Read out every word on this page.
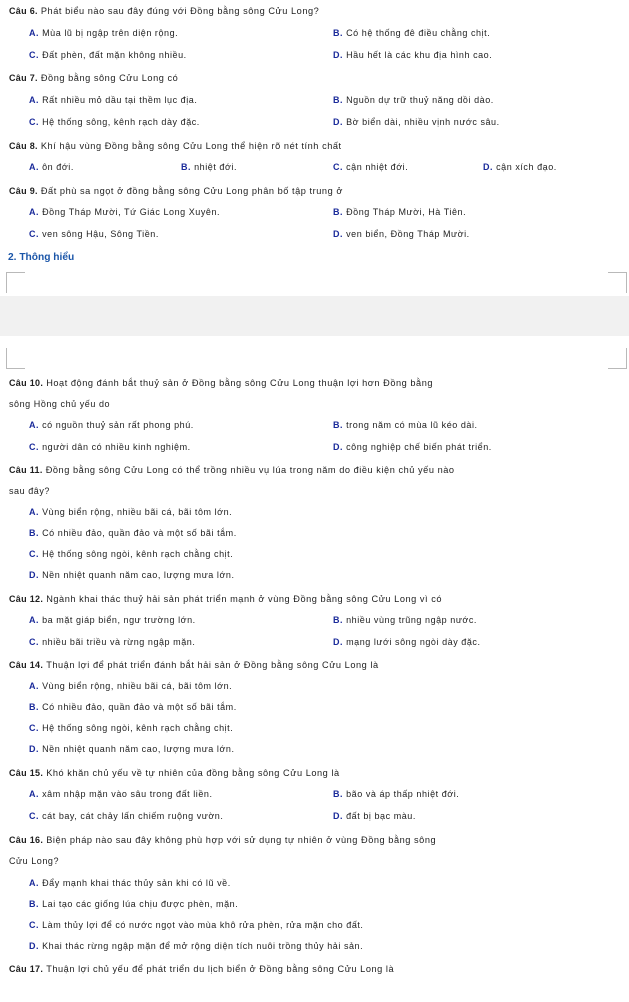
Câu 6. Phát biểu nào sau đây đúng với Đồng bằng sông Cửu Long?
A. Mùa lũ bị ngập trên diện rộng.	B. Có hệ thống đê điều chằng chịt.
C. Đất phèn, đất mặn không nhiều.	D. Hầu hết là các khu địa hình cao.
Câu 7. Đồng bằng sông Cửu Long có
A. Rất nhiều mỏ dầu tại thềm lục địa.	B. Nguồn dự trữ thuỷ năng dồi dào.
C. Hệ thống sông, kênh rạch dày đặc.	D. Bờ biển dài, nhiều vịnh nước sâu.
Câu 8. Khí hậu vùng Đồng bằng sông Cửu Long thể hiện rõ nét tính chất
A. ôn đới.	B. nhiệt đới.	C. cận nhiệt đới.	D. cận xích đạo.
Câu 9. Đất phù sa ngọt ở đồng bằng sông Cửu Long phân bố tập trung ở
A. Đồng Tháp Mười, Tứ Giác Long Xuyên.	B. Đồng Tháp Mười, Hà Tiên.
C. ven sông Hậu, Sông Tiền.	D. ven biển, Đồng Tháp Mười.
2. Thông hiểu
Câu 10. Hoạt động đánh bắt thuỷ sản ở Đồng bằng sông Cửu Long thuận lợi hơn Đồng bằng
sông Hồng chủ yếu do
A. có nguồn thuỷ sản rất phong phú.	B. trong năm có mùa lũ kéo dài.
C. người dân có nhiều kinh nghiệm.	D. công nghiệp chế biến phát triển.
Câu 11. Đồng bằng sông Cửu Long có thể trồng nhiều vụ lúa trong năm do điều kiện chủ yếu nào
sau đây?
A. Vùng biển rộng, nhiều bãi cá, bãi tôm lớn.
B. Có nhiều đảo, quần đảo và một số bãi tắm.
C. Hệ thống sông ngòi, kênh rạch chằng chịt.
D. Nền nhiệt quanh năm cao, lượng mưa lớn.
Câu 12. Ngành khai thác thuỷ hải sản phát triển mạnh ở vùng Đồng bằng sông Cửu Long vì có
A. ba mặt giáp biển, ngư trường lớn.	B. nhiều vùng trũng ngập nước.
C. nhiều bãi triều và rừng ngập mặn.	D. mạng lưới sông ngòi dày đặc.
Câu 14. Thuận lợi để phát triển đánh bắt hải sản ở Đồng bằng sông Cửu Long là
A. Vùng biển rộng, nhiều bãi cá, bãi tôm lớn.
B. Có nhiều đảo, quần đảo và một số bãi tắm.
C. Hệ thống sông ngòi, kênh rạch chằng chịt.
D. Nền nhiệt quanh năm cao, lượng mưa lớn.
Câu 15. Khó khăn chủ yếu về tự nhiên của đồng bằng sông Cửu Long là
A. xâm nhập mặn vào sâu trong đất liền.	B. bão và áp thấp nhiệt đới.
C. cát bay, cát chảy lấn chiếm ruộng vườn.	D. đất bị bạc màu.
Câu 16. Biện pháp nào sau đây không phù hợp với sử dụng tự nhiên ở vùng Đồng bằng sông
Cửu Long?
A. Đẩy mạnh khai thác thủy sản khi có lũ về.
B. Lai tạo các giống lúa chịu được phèn, mặn.
C. Làm thủy lợi để có nước ngọt vào mùa khô rửa phèn, rửa mặn cho đất.
D. Khai thác rừng ngập mặn để mở rộng diện tích nuôi trồng thủy hải sản.
Câu 17. Thuận lợi chủ yếu để phát triển du lịch biển ở Đồng bằng sông Cửu Long là
